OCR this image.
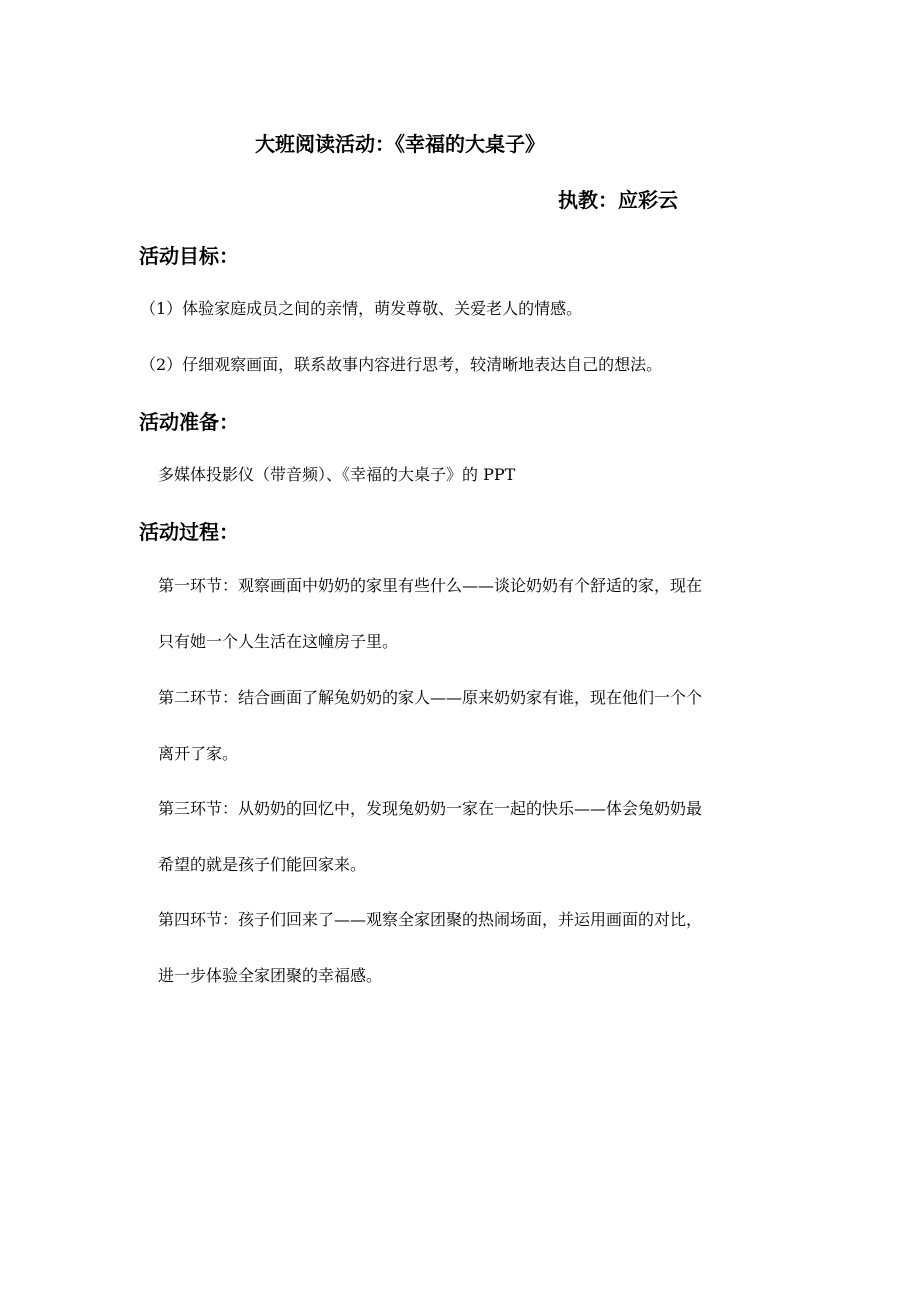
大班阅读活动：《幸福的大桌子》
执教：应彩云
活动目标：
（1）体验家庭成员之间的亲情，萌发尊敬、关爱老人的情感。
（2）仔细观察画面，联系故事内容进行思考，较清晰地表达自己的想法。
活动准备：
多媒体投影仪（带音频）、《幸福的大桌子》的 PPT
活动过程：
第一环节：观察画面中奶奶的家里有些什么——谈论奶奶有个舒适的家，现在
只有她一个人生活在这幢房子里。
第二环节：结合画面了解兔奶奶的家人——原来奶奶家有谁，现在他们一个个
离开了家。
第三环节：从奶奶的回忆中，发现兔奶奶一家在一起的快乐——体会兔奶奶最
希望的就是孩子们能回家来。
第四环节：孩子们回来了——观察全家团聚的热闹场面，并运用画面的对比，
进一步体验全家团聚的幸福感。
